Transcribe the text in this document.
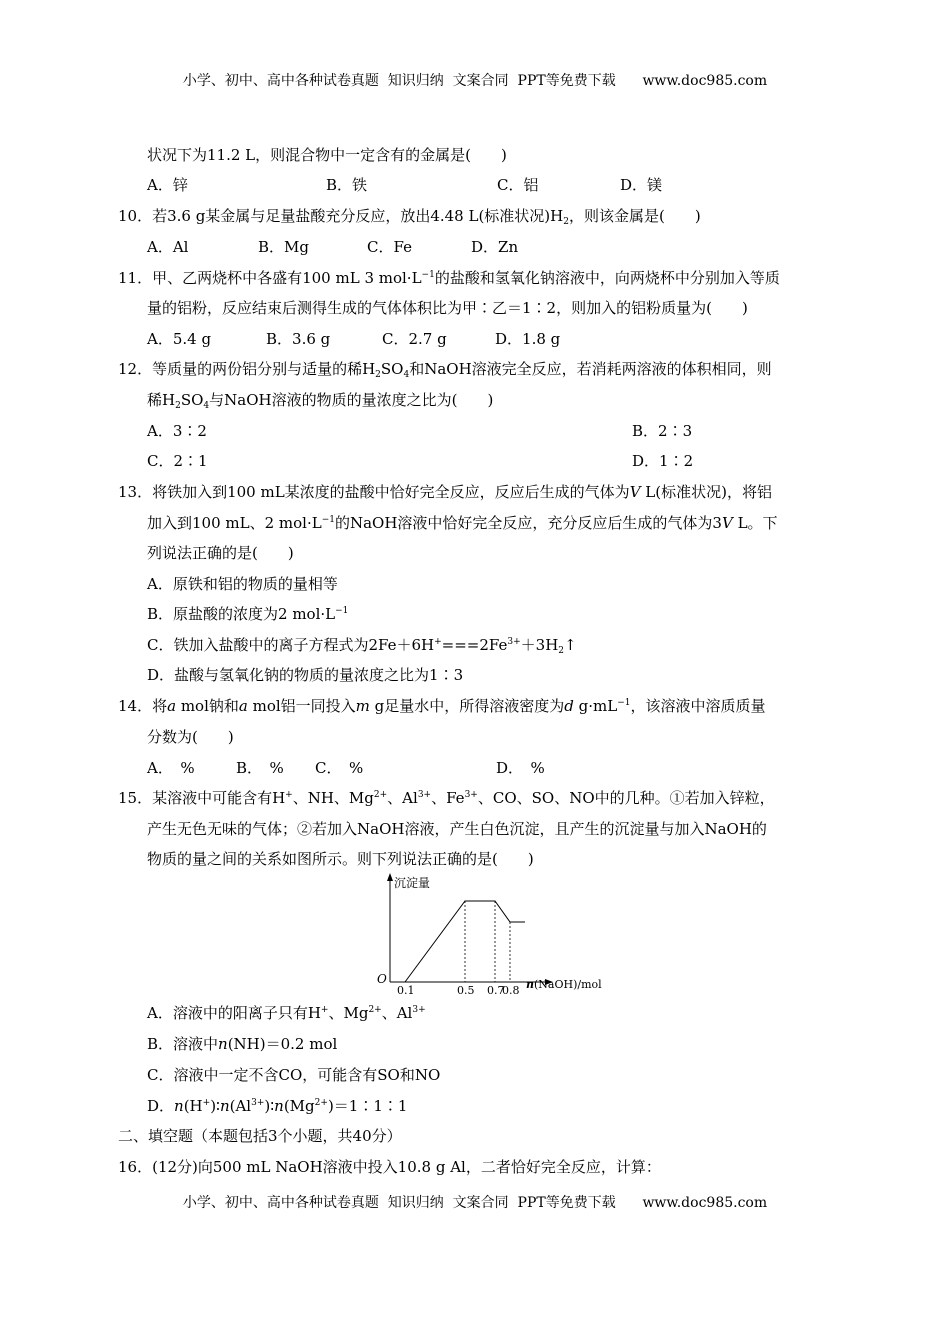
小学、初中、高中各种试卷真题  知识归纳  文案合同  PPT等免费下载      www.doc985.com
状况下为11.2 L，则混合物中一定含有的金属是(　　)
A．锌	B．铁	C．铝	D．镁
10．若3.6 g某金属与足量盐酸充分反应，放出4.48 L(标准状况)$H_2$，则该金属是(　　)
A．Al	B．Mg	C．Fe	D．Zn
11．甲、乙两烧杯中各盛有100 mL 3 $mol\cdot L^{-1}$的盐酸和氢氧化钠溶液中，向两烧杯中分别加入等质
量的铝粉，反应结束后测得生成的气体体积比为甲∶乙＝1∶2，则加入的铝粉质量为(　　)
A．5.4 g	B．3.6 g	C．2.7 g	D．1.8 g
12．等质量的两份铝分别与适量的稀$H_2SO_4$和NaOH溶液完全反应，若消耗两溶液的体积相同，则
稀$H_2SO_4$与NaOH溶液的物质的量浓度之比为(　　)
A．3∶2	B．2∶3
C．2∶1	D．1∶2
13．将铁加入到100 mL某浓度的盐酸中恰好完全反应，反应后生成的气体为V L(标准状况)，将铝
加入到100 mL、2 $mol\cdot L^{-1}$的NaOH溶液中恰好完全反应，充分反应后生成的气体为3V L。下
列说法正确的是(　　)
A．原铁和铝的物质的量相等
B．原盐酸的浓度为2 $mol\cdot L^{-1}$
C．铁加入盐酸中的离子方程式为$2Fe+6H^+===2Fe^{3+}+3H_2↑$
D．盐酸与氢氧化钠的物质的量浓度之比为1∶3
14．将a mol钠和a mol铝一同投入m g足量水中，所得溶液密度为d $g\cdot mL^{-1}$，该溶液中溶质质量
分数为(　　)
A．　%	B．　% C．　%	D．　%
15．某溶液中可能含有H+、NH、$Mg^{2+}$、$Al^{3+}$、$Fe^{3+}$、CO、SO、NO中的几种。①若加入锌粒，
产生无色无味的气体；②若加入NaOH溶液，产生白色沉淀，且产生的沉淀量与加入NaOH的
物质的量之间的关系如图所示。则下列说法正确的是(　　)
沉淀量
O	n(NaOH)/mol
0.1	0.5 0.7
0.8
A．溶液中的阳离子只有H+、$Mg^{2+}$、$Al^{3+}$
B．溶液中n(NH)＝0.2 mol
C．溶液中一定不含CO，可能含有SO和NO
D．$n(H^+)∶n(Al^{3+})∶n(Mg^{2+})=1∶1∶1$
二、填空题（本题包括3个小题，共40分）
16．(12分)向500 mL NaOH溶液中投入10.8 g Al，二者恰好完全反应，计算：
小学、初中、高中各种试卷真题  知识归纳  文案合同  PPT等免费下载      www.doc985.com
